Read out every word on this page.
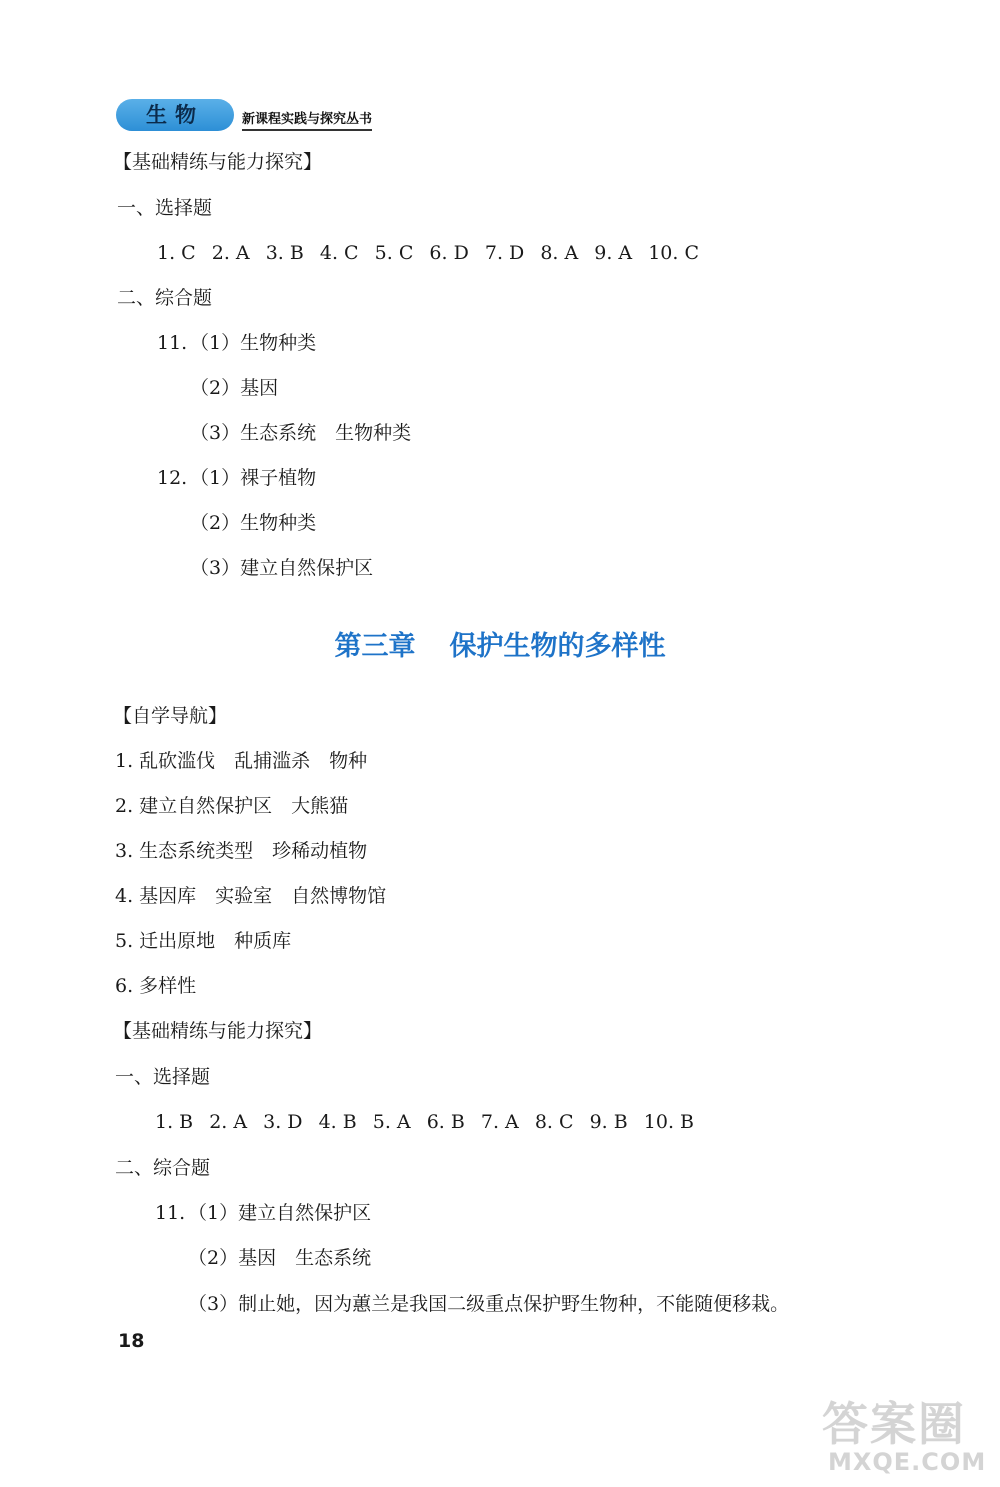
生物	新课程实践与探究丛书
【基础精练与能力探究】
一、选择题
1. C 2. A 3. B 4. C 5. C 6. D 7. D 8. A 9. A 10. C
二、综合题
11. （1）生物种类
（2）基因
（3）生态系统　生物种类
12. （1）裸子植物
（2）生物种类
（3）建立自然保护区
第三章 保护生物的多样性
【自学导航】
1. 乱砍滥伐　乱捕滥杀　物种
2. 建立自然保护区　大熊猫
3. 生态系统类型　珍稀动植物
4. 基因库　实验室　自然博物馆
5. 迁出原地　种质库
6. 多样性
【基础精练与能力探究】
一、选择题
1. B 2. A 3. D 4. B 5. A 6. B 7. A 8. C 9. B 10. B
二、综合题
11. （1）建立自然保护区
（2）基因　生态系统
（3）制止她，因为蕙兰是我国二级重点保护野生物种，不能随便移栽。
18
答案圈
MXQE.COM
